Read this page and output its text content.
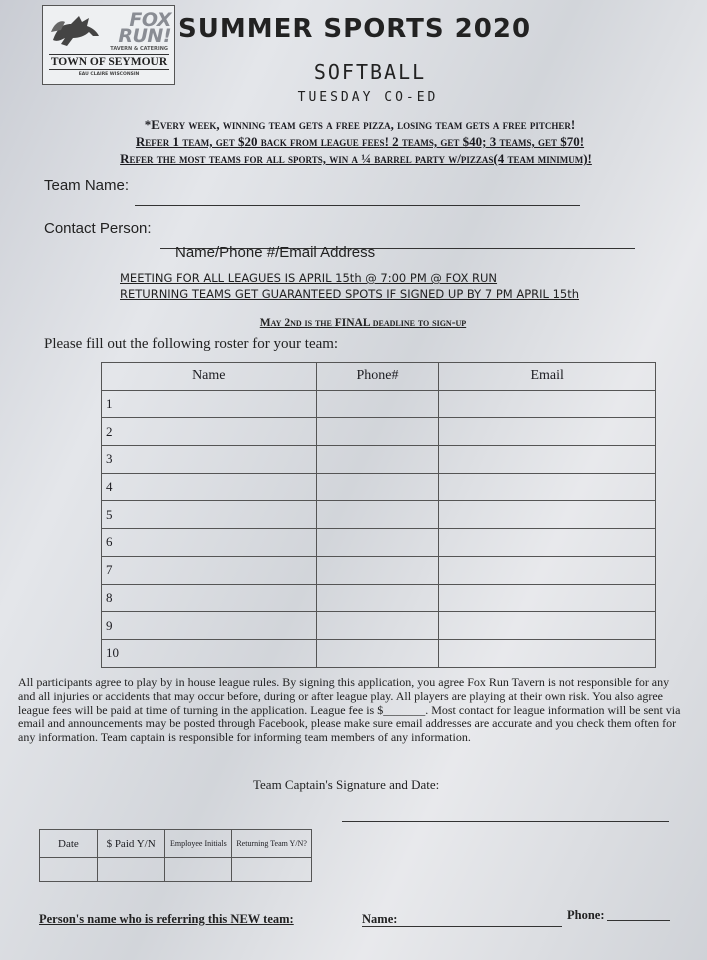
FOX
RUN!
TAVERN & CATERING
TOWN OF SEYMOUR
EAU CLAIRE WISCONSIN
SUMMER SPORTS 2020
SOFTBALL
TUESDAY CO-ED
*Every week, winning team gets a free pizza, losing team gets a free pitcher!
Refer 1 team, get $20 back from league fees! 2 teams, get $40; 3 teams, get $70!
Refer the most teams for all sports, win a ¼ barrel party w/pizzas(4 team minimum)!
Team Name:
Contact Person:
Name/Phone #/Email Address
MEETING FOR ALL LEAGUES IS APRIL 15th @ 7:00 PM @ FOX RUN
RETURNING TEAMS GET GUARANTEED SPOTS IF SIGNED UP BY 7 PM APRIL 15th
May 2nd is the FINAL deadline to sign-up
Please fill out the following roster for your team:
Name	Phone#	Email
1		
2		
3		
4		
5		
6		
7		
8		
9		
10		
All participants agree to play by in house league rules. By signing this application, you agree Fox Run Tavern is not responsible for any and all injuries or accidents that may occur before, during or after league play. All players are playing at their own risk. You also agree league fees will be paid at time of turning in the application. League fee is $_______. Most contact for league information will be sent via email and announcements may be posted through Facebook, please make sure email addresses are accurate and you check them often for any information. Team captain is responsible for informing team members of any information.
Team Captain's Signature and Date:
Date	$ Paid Y/N	Employee Initials	Returning Team Y/N?

Person's name who is referring this NEW team:	Name:	Phone:
